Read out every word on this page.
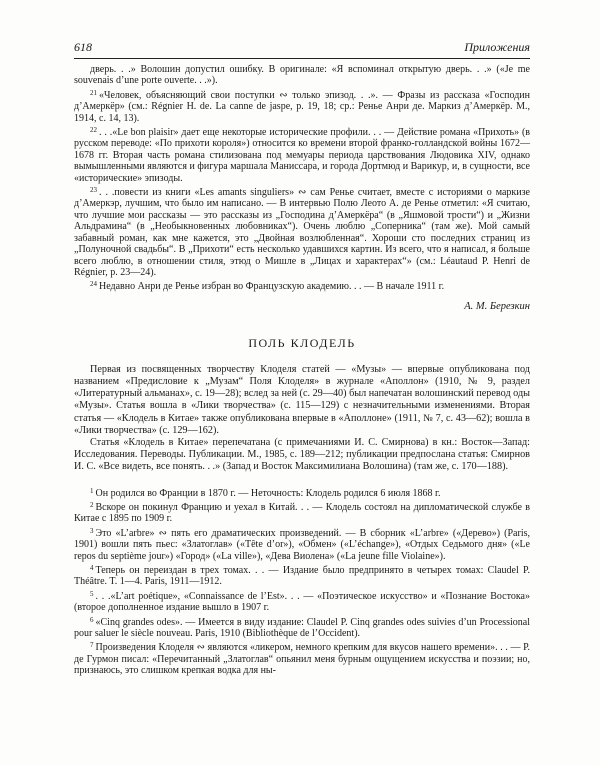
618	Приложения

дверь. . .» Волошин допустил ошибку. В оригинале: «Я вспоминал открытую дверь. . .» («Je me souvenais d’une porte ouverte. . .»).

$^{21}$ «Человек, объясняющий свои поступки ∾ только эпизод. . .». — Фразы из рассказа «Господин д’Амеркёр» (см.: Régnier H. de. La canne de jaspe, p. 19, 18; ср.: Ренье Анри де. Маркиз д’Амеркёр. М., 1914, с. 14, 13).

$^{22}$ . . .«Le bon plaisir» дает еще некоторые исторические профили. . . — Действие романа «Прихоть» (в русском переводе: «По прихоти короля») относится ко времени второй франко-голландской войны 1672—1678 гг. Вторая часть романа стилизована под мемуары периода царствования Людовика XIV, однако вымышленными являются и фигура маршала Маниссара, и города Дортмюд и Варикур, и, в сущности, все «исторические» эпизоды.

$^{23}$ . . .повести из книги «Les amants singuliers» ∾ сам Ренье считает, вместе с историями о маркизе д’Амеркэр, лучшим, что было им написано. — В интервью Полю Леото А. де Ренье отметил: «Я считаю, что лучшие мои рассказы — это рассказы из „Господина д’Амеркёра“ (в „Яшмовой трости“) и „Жизни Альдрамина“ (в „Необыкновенных любовниках“). Очень люблю „Соперника“ (там же). Мой самый забавный роман, как мне кажется, это „Двойная возлюбленная“. Хороши сто последних страниц из „Полуночной свадьбы“. В „Прихоти“ есть несколько удавшихся картин. Из всего, что я написал, я больше всего люблю, в отношении стиля, этюд о Мишле в „Лицах и характерах“» (см.: Léautaud P. Henri de Régnier, p. 23—24).

$^{24}$ Недавно Анри де Ренье избран во Французскую академию. . . — В начале 1911 г.

А. М. Березкин
ПОЛЬ КЛОДЕЛЬ

Первая из посвященных творчеству Клоделя статей — «Музы» — впервые опубликована под названием «Предисловие к „Музам“ Поля Клоделя» в журнале «Аполлон» (1910, № 9, раздел «Литературный альманах», с. 19—28); вслед за ней (с. 29—40) был напечатан волошинский перевод оды «Музы». Статья вошла в «Лики творчества» (с. 115—129) с незначительными изменениями. Вторая статья — «Клодель в Китае» также опубликована впервые в «Аполлоне» (1911, № 7, с. 43—62); вошла в «Лики творчества» (с. 129—162).

Статья «Клодель в Китае» перепечатана (с примечаниями И. С. Смирнова) в кн.: Восток—Запад: Исследования. Переводы. Публикации. М., 1985, с. 189—212; публикации предпослана статья: Смирнов И. С. «Все видеть, все понять. . .» (Запад и Восток Максимилиана Волошина) (там же, с. 170—188).

$^1$ Он родился во Франции в 1870 г. — Неточность: Клодель родился 6 июля 1868 г.

$^2$ Вскоре он покинул Францию и уехал в Китай. . . — Клодель состоял на дипломатической службе в Китае с 1895 по 1909 г.

$^3$ Это «L’arbre» ∾ пять его драматических произведений. — В сборник «L’arbre» («Дерево») (Paris, 1901) вошли пять пьес: «Златоглав» («Tête d’or»), «Обмен» («L’échange»), «Отдых Седьмого дня» («Le repos du septième jour») «Город» («La ville»), «Дева Виолена» («La jeune fille Violaine»).

$^4$ Теперь он переиздан в трех томах. . . — Издание было предпринято в четырех томах: Claudel P. Théâtre. T. 1—4. Paris, 1911—1912.

$^5$ . . .«L’art poétique», «Connaissance de l’Est». . . — «Поэтическое искусство» и «Познание Востока» (второе дополненное издание вышло в 1907 г.

$^6$ «Cinq grandes odes». — Имеется в виду издание: Claudel P. Cinq grandes odes suivies d’un Processional pour saluer le siècle nouveau. Paris, 1910 (Bibliothèque de l’Occident).

$^7$ Произведения Клоделя ∾ являются «ликером, немного крепким для вкусов нашего времени». . . — Р. де Гурмон писал: «Перечитанный „Златоглав“ опьянил меня бурным ощущением искусства и поэзии; но, признаюсь, это слишком крепкая водка для ны-
